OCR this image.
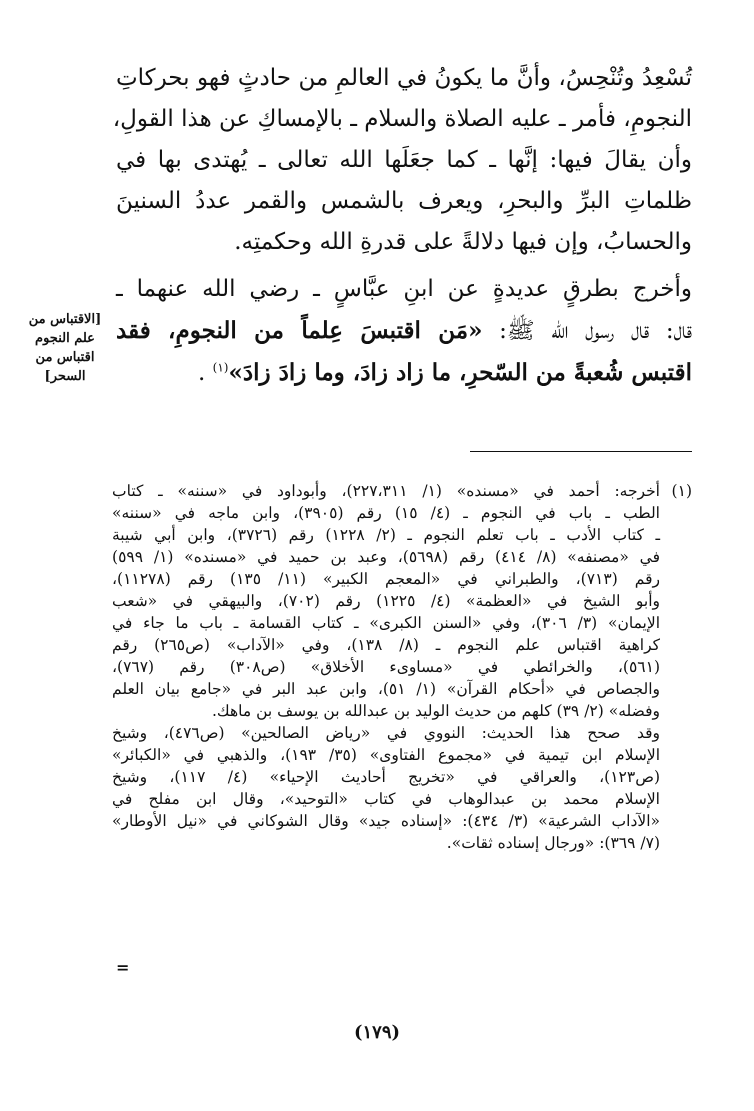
تُسْعِدُ وتُنْحِسُ، وأنَّ ما يكونُ في العالمِ من حادثٍ فهو بحركاتِ
النجومِ، فأمر ـ عليه الصلاة والسلام ـ بالإمساكِ عن هذا القولِ،
وأن يقالَ فيها: إنَّها ـ كما جعَلَها الله تعالى ـ يُهتدى بها في
ظلماتِ البرِّ والبحرِ، ويعرف بالشمس والقمر عددُ السنينَ
والحسابُ، وإن فيها دلالةً على قدرةِ الله وحكمتِه.

وأخرج بطرقٍ عديدةٍ عن ابنِ عبَّاسٍ ـ رضي الله عنهما ـ
قال: قال رسول الله ﷺ: «مَن اقتبسَ عِلماً من النجومِ، فقد
اقتبس شُعبةً من السّحرِ، ما زاد زادَ، وما زادَ زادَ»$^{(١)}$ .

[الاقتباس من
علم النجوم
اقتباس من
السحر]
(١)
أخرجه: أحمد في «مسنده» (١/ ٢٢٧،٣١١)، وأبوداود في «سننه» ـ كتاب
الطب ـ باب في النجوم ـ (٤/ ١٥) رقم (٣٩٠٥)، وابن ماجه في «سننه»
ـ كتاب الأدب ـ باب تعلم النجوم ـ (٢/ ١٢٢٨) رقم (٣٧٢٦)، وابن أبي شيبة
في «مصنفه» (٨/ ٤١٤) رقم (٥٦٩٨)، وعبد بن حميد في «مسنده» (١/ ٥٩٩)
رقم (٧١٣)، والطبراني في «المعجم الكبير» (١١/ ١٣٥) رقم (١١٢٧٨)،
وأبو الشيخ في «العظمة» (٤/ ١٢٢٥) رقم (٧٠٢)، والبيهقي في «شعب
الإيمان» (٣/ ٣٠٦)، وفي «السنن الكبرى» ـ كتاب القسامة ـ باب ما جاء في
كراهية اقتباس علم النجوم ـ (٨/ ١٣٨)، وفي «الآداب» (ص٢٦٥) رقم
(٥٦١)، والخرائطي في «مساوىء الأخلاق» (ص٣٠٨) رقم (٧٦٧)،
والجصاص في «أحكام القرآن» (١/ ٥١)، وابن عبد البر في «جامع بيان العلم
وفضله» (٢/ ٣٩) كلهم من حديث الوليد بن عبدالله بن يوسف بن ماهك.
وقد صحح هذا الحديث: النووي في «رياض الصالحين» (ص٤٧٦)، وشيخ
الإسلام ابن تيمية في «مجموع الفتاوى» (٣٥/ ١٩٣)، والذهبي في «الكبائر»
(ص١٢٣)، والعراقي في «تخريج أحاديث الإحياء» (٤/ ١١٧)، وشيخ
الإسلام محمد بن عبدالوهاب في كتاب «التوحيد»، وقال ابن مفلح في
«الآداب الشرعية» (٣/ ٤٣٤): «إسناده جيد» وقال الشوكاني في «نيل الأوطار»
(٧/ ٣٦٩): «ورجال إسناده ثقات».
=
(١٧٩)
